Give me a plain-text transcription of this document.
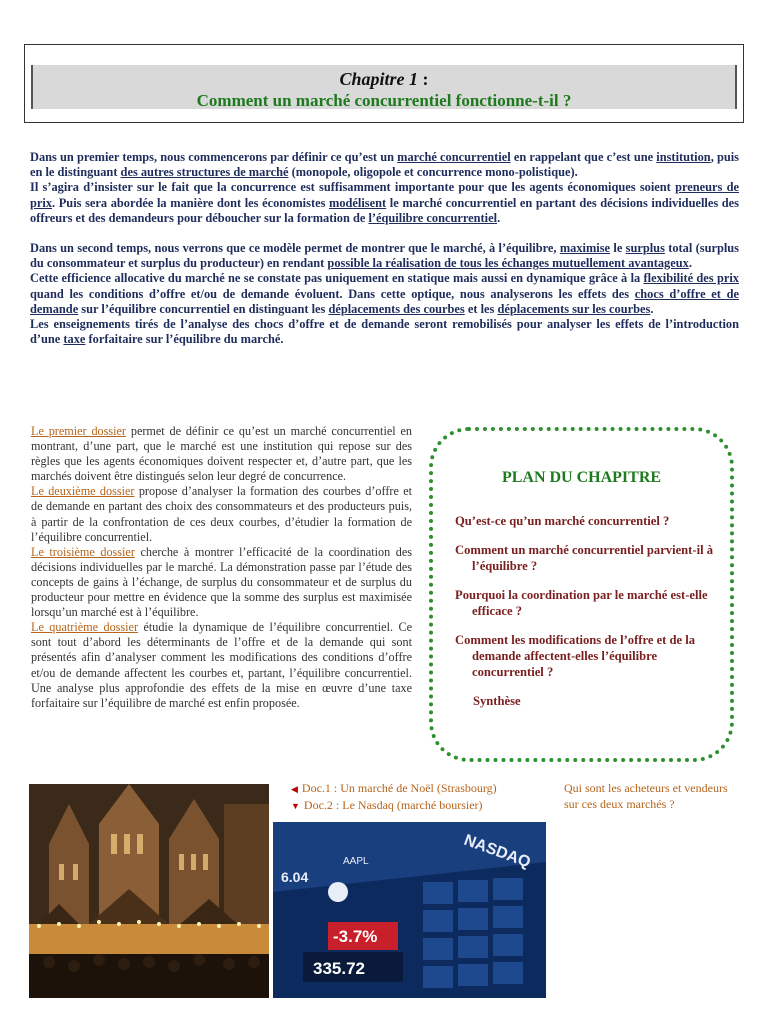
Chapitre 1 :
Comment un marché concurrentiel fonctionne-t-il ?

Dans un premier temps, nous commencerons par définir ce qu’est un marché concurrentiel en rappelant que c’est une institution, puis en le distinguant des autres structures de marché (monopole, oligopole et concurrence mono-polistique).

Il s’agira d’insister sur le fait que la concurrence est suffisamment importante pour que les agents économiques soient preneurs de prix. Puis sera abordée la manière dont les économistes modélisent le marché concurrentiel en partant des décisions individuelles des offreurs et des demandeurs pour déboucher sur la formation de l’équilibre concurrentiel.

Dans un second temps, nous verrons que ce modèle permet de montrer que le marché, à l’équilibre, maximise le surplus total (surplus du consommateur et surplus du producteur) en rendant possible la réalisation de tous les échanges mutuellement avantageux.

Cette efficience allocative du marché ne se constate pas uniquement en statique mais aussi en dynamique grâce à la flexibilité des prix quand les conditions d’offre et/ou de demande évoluent. Dans cette optique, nous analyserons les effets des chocs d’offre et de demande sur l’équilibre concurrentiel en distinguant les déplacements des courbes et les déplacements sur les courbes.

Les enseignements tirés de l’analyse des chocs d’offre et de demande seront remobilisés pour analyser les effets de l’introduction d’une taxe forfaitaire sur l’équilibre du marché.

Le premier dossier permet de définir ce qu’est un marché concurrentiel en montrant, d’une part, que le marché est une institution qui repose sur des règles que les agents économiques doivent respecter et, d’autre part, que les marchés doivent être distingués selon leur degré de concurrence.

Le deuxième dossier propose d’analyser la formation des courbes d’offre et de demande en partant des choix des consommateurs et des producteurs puis, à partir de la confrontation de ces deux courbes, d’étudier la formation de l’équilibre concurrentiel.

Le troisième dossier cherche à montrer l’efficacité de la coordination des décisions individuelles par le marché. La démonstration passe par l’étude des concepts de gains à l’échange, de surplus du consommateur et de surplus du producteur pour mettre en évidence que la somme des surplus est maximisée lorsqu’un marché est à l’équilibre.

Le quatrième dossier étudie la dynamique de l’équilibre concurrentiel. Ce sont tout d’abord les déterminants de l’offre et de la demande qui sont présentés afin d’analyser comment les modifications des conditions d’offre et/ou de demande affectent les courbes et, partant, l’équilibre concurrentiel. Une analyse plus approfondie des effets de la mise en œuvre d’une taxe forfaitaire sur l’équilibre de marché est enfin proposée.

PLAN DU CHAPITRE
Qu’est-ce qu’un marché concurrentiel ?
Comment un marché concurrentiel parvient-il à l’équilibre ?
Pourquoi la coordination par le marché est-elle efficace ?
Comment les modifications de l’offre et de la demande affectent-elles l’équilibre concurrentiel ?
Synthèse
◀ Doc.1 : Un marché de Noël (Strasbourg)
▼ Doc.2 : Le Nasdaq (marché boursier)
Qui sont les acheteurs et vendeurs sur ces deux marchés ?
NASDAQ
AAPL
6.04
-3.7%
335.72
